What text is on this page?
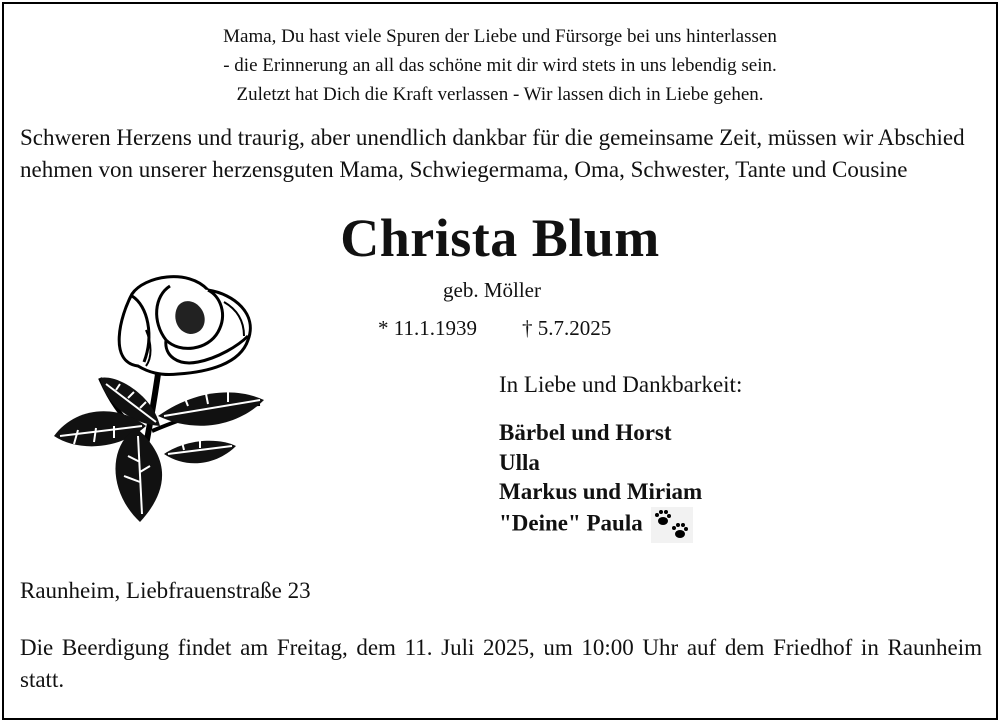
Mama, Du hast viele Spuren der Liebe und Fürsorge bei uns hinterlassen
- die Erinnerung an all das schöne mit dir wird stets in uns lebendig sein.
Zuletzt hat Dich die Kraft verlassen - Wir lassen dich in Liebe gehen.
Schweren Herzens und traurig, aber unendlich dankbar für die gemeinsame Zeit, müssen wir Abschied nehmen von unserer herzensguten Mama, Schwiegermama, Oma, Schwester, Tante und Cousine
Christa Blum
geb. Möller
* 11.1.1939 † 5.7.2025
In Liebe und Dankbarkeit:
Bärbel und Horst
Ulla
Markus und Miriam
"Deine" Paula
Raunheim, Liebfrauenstraße 23
Die Beerdigung findet am Freitag, dem 11. Juli 2025, um 10:00 Uhr auf dem Friedhof in Raunheim statt.
